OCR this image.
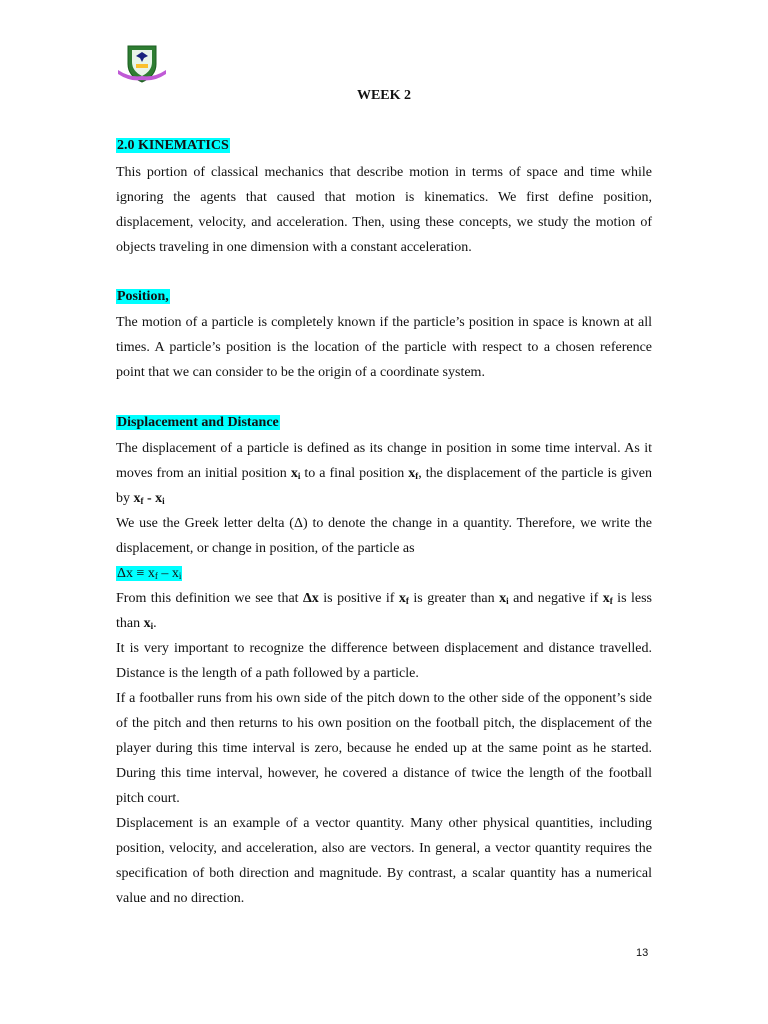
WEEK 2
2.0 KINEMATICS
This portion of classical mechanics that describe motion in terms of space and time while
ignoring the agents that caused that motion is kinematics. We first define position,
displacement, velocity, and acceleration. Then, using these concepts, we study the motion of
objects traveling in one dimension with a constant acceleration.
Position,
The motion of a particle is completely known if the particle’s position in space is known at all
times. A particle’s position is the location of the particle with respect to a chosen reference
point that we can consider to be the origin of a coordinate system.
Displacement and Distance
The displacement of a particle is defined as its change in position in some time interval. As it
moves from an initial position $x_i$ to a final position $x_f$, the displacement of the particle is given
by $x_f - x_i$
We use the Greek letter delta (Δ) to denote the change in a quantity. Therefore, we write the
displacement, or change in position, of the particle as
$\Delta x \equiv x_f - x_i$
From this definition we see that Δx is positive if $x_f$ is greater than $x_i$ and negative if $x_f$ is less
than $x_i$.
It is very important to recognize the difference between displacement and distance travelled.
Distance is the length of a path followed by a particle.
If a footballer runs from his own side of the pitch down to the other side of the opponent’s side
of the pitch and then returns to his own position on the football pitch, the displacement of the
player during this time interval is zero, because he ended up at the same point as he started.
During this time interval, however, he covered a distance of twice the length of the football
pitch court.
Displacement is an example of a vector quantity. Many other physical quantities, including
position, velocity, and acceleration, also are vectors. In general, a vector quantity requires the
specification of both direction and magnitude. By contrast, a scalar quantity has a numerical
value and no direction.
13
